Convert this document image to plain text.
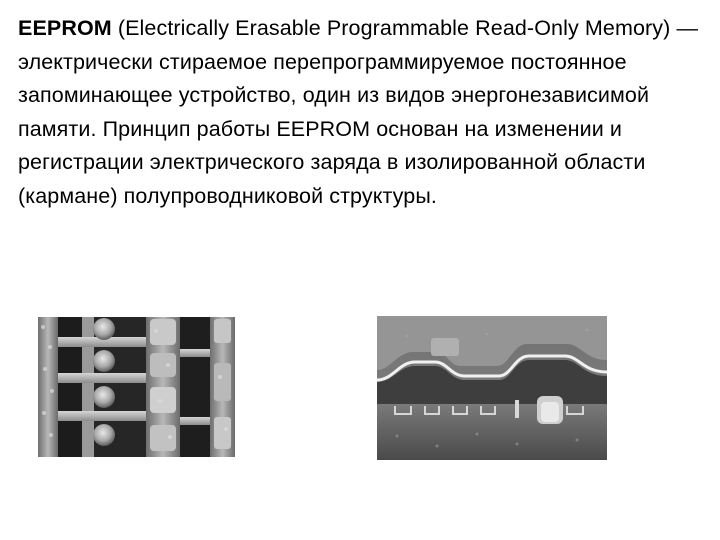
EEPROM (Electrically Erasable Programmable Read-Only Memory) — электрически стираемое перепрограммируемое постоянное запоминающее устройство, один из видов энергонезависимой памяти. Принцип работы EEPROM основан на изменении и регистрации электрического заряда в изолированной области (кармане) полупроводниковой структуры.
